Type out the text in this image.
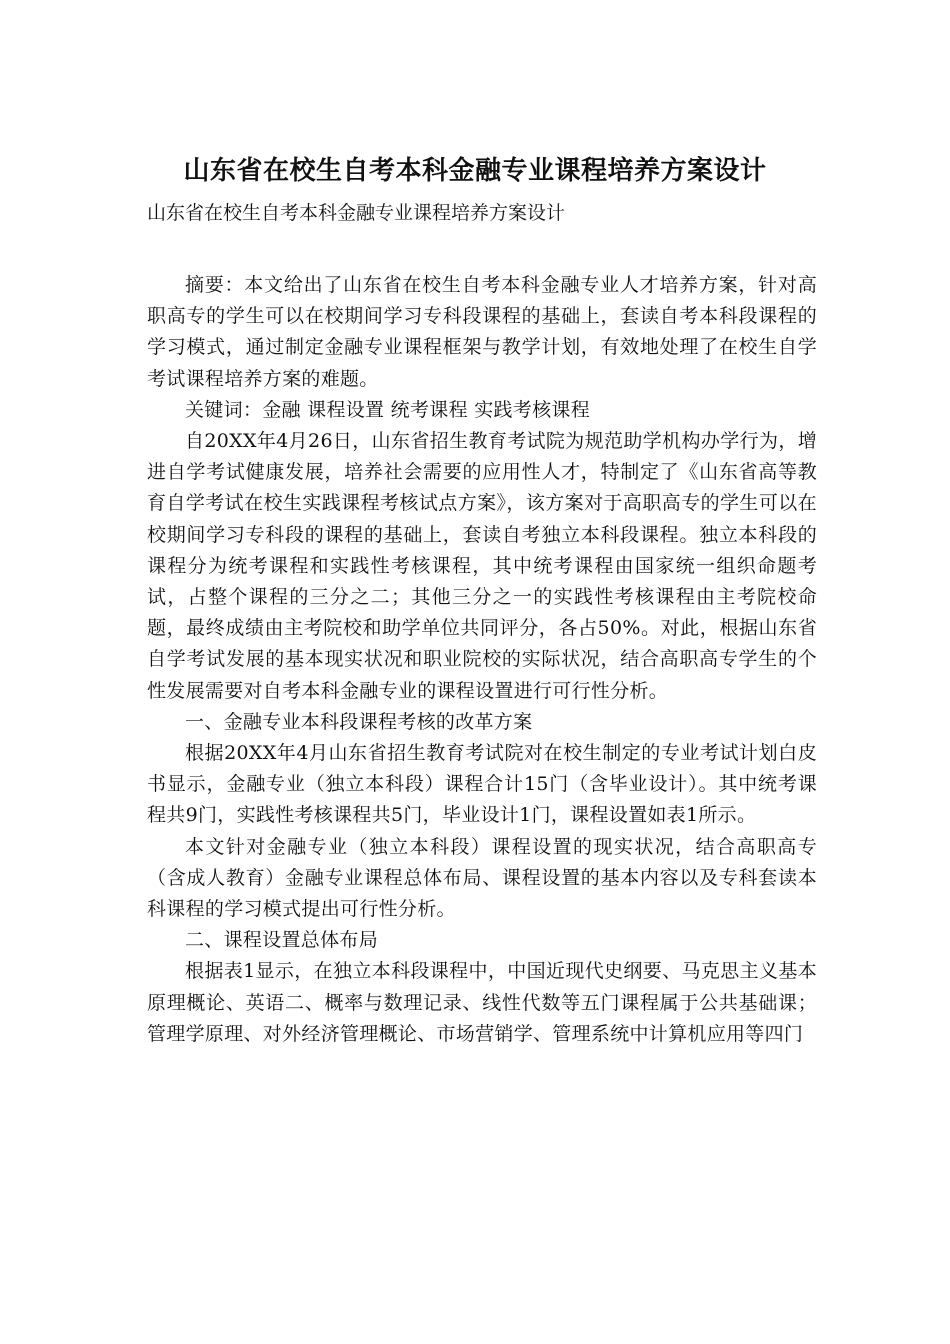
山东省在校生自考本科金融专业课程培养方案设计
山东省在校生自考本科金融专业课程培养方案设计

摘要：本文给出了山东省在校生自考本科金融专业人才培养方案，针对高职高专的学生可以在校期间学习专科段课程的基础上，套读自考本科段课程的学习模式，通过制定金融专业课程框架与教学计划，有效地处理了在校生自学考试课程培养方案的难题。

关键词：金融 课程设置 统考课程 实践考核课程

自20XX年4月26日，山东省招生教育考试院为规范助学机构办学行为，增进自学考试健康发展，培养社会需要的应用性人才，特制定了《山东省高等教育自学考试在校生实践课程考核试点方案》，该方案对于高职高专的学生可以在校期间学习专科段的课程的基础上，套读自考独立本科段课程。独立本科段的课程分为统考课程和实践性考核课程，其中统考课程由国家统一组织命题考试，占整个课程的三分之二；其他三分之一的实践性考核课程由主考院校命题，最终成绩由主考院校和助学单位共同评分，各占50%。对此，根据山东省自学考试发展的基本现实状况和职业院校的实际状况，结合高职高专学生的个性发展需要对自考本科金融专业的课程设置进行可行性分析。

一、金融专业本科段课程考核的改革方案

根据20XX年4月山东省招生教育考试院对在校生制定的专业考试计划白皮书显示，金融专业（独立本科段）课程合计15门（含毕业设计）。其中统考课程共9门，实践性考核课程共5门，毕业设计1门，课程设置如表1所示。

本文针对金融专业（独立本科段）课程设置的现实状况，结合高职高专（含成人教育）金融专业课程总体布局、课程设置的基本内容以及专科套读本科课程的学习模式提出可行性分析。

二、课程设置总体布局

根据表1显示，在独立本科段课程中，中国近现代史纲要、马克思主义基本原理概论、英语二、概率与数理记录、线性代数等五门课程属于公共基础课；管理学原理、对外经济管理概论、市场营销学、管理系统中计算机应用等四门
